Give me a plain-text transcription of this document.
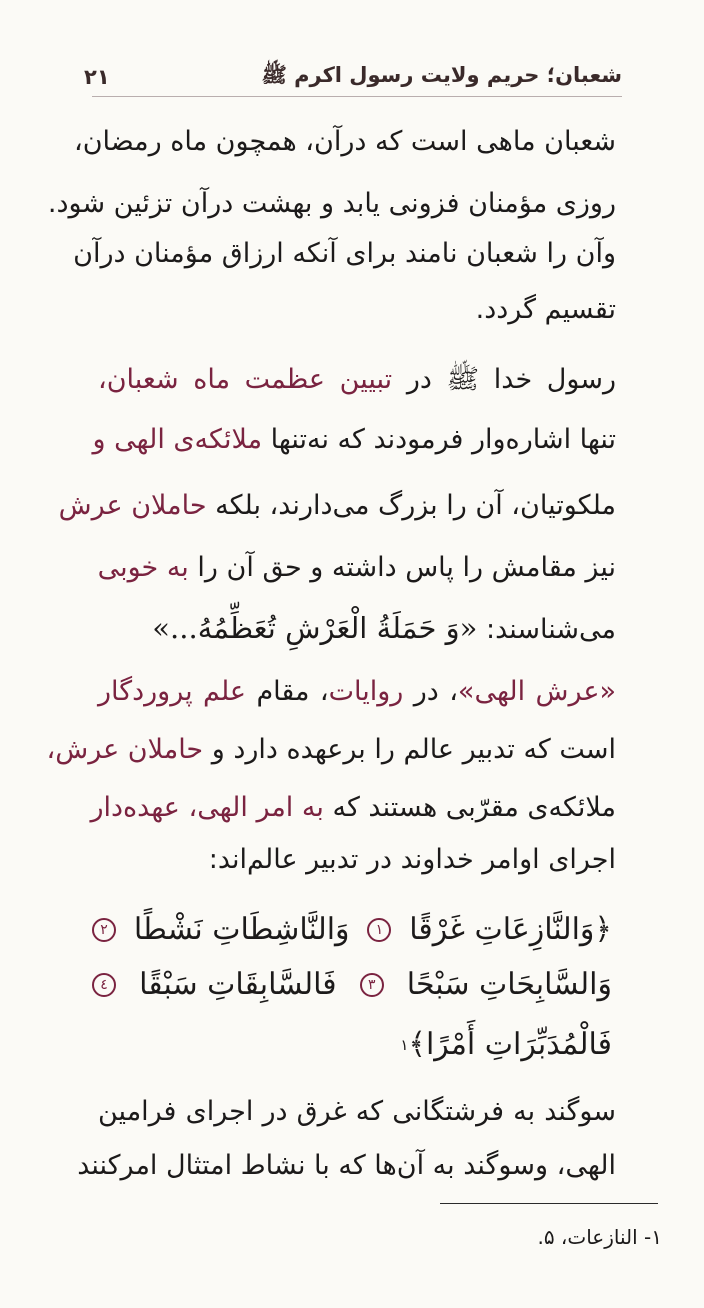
شعبان؛ حریم ولایت رسول اکرم ﷺ
۲۱
شعبان ماهی است که درآن، همچون ماه رمضان،
روزی مؤمنان فزونی یابد و بهشت درآن تزئین شود.
وآن را شعبان نامند برای آنکه ارزاق مؤمنان درآن
تقسیم گردد.
رسول خدا ﷺ در تبیین عظمت ماه شعبان،
تنها اشاره‌وار فرمودند که نه‌تنها ملائکه‌ی الهی و
ملکوتیان، آن را بزرگ می‌دارند، بلکه حاملان عرش
نیز مقامش را پاس داشته و حق آن را به خوبی
می‌شناسند: «وَ حَمَلَةُ الْعَرْشِ تُعَظِّمُهُ...»
«عرش الهی»، در روایات، مقام علم پروردگار
است که تدبیر عالم را برعهده دارد و حاملان عرش،
ملائکه‌ی مقرّبی هستند که به امر الهی، عهده‌دار
اجرای اوامر خداوند در تدبیر عالم‌اند:
﴿وَالنَّازِعَاتِ غَرْقًا
١
وَالنَّاشِطَاتِ نَشْطًا
٢
وَالسَّابِحَاتِ سَبْحًا
٣
فَالسَّابِقَاتِ سَبْقًا
٤
فَالْمُدَبِّرَاتِ أَمْرًا﴾
۱
سوگند به فرشتگانی که غرق در اجرای فرامین
الهی، وسوگند به آن‌ها که با نشاط امتثال امرکنند
۱- النازعات، ۵.
